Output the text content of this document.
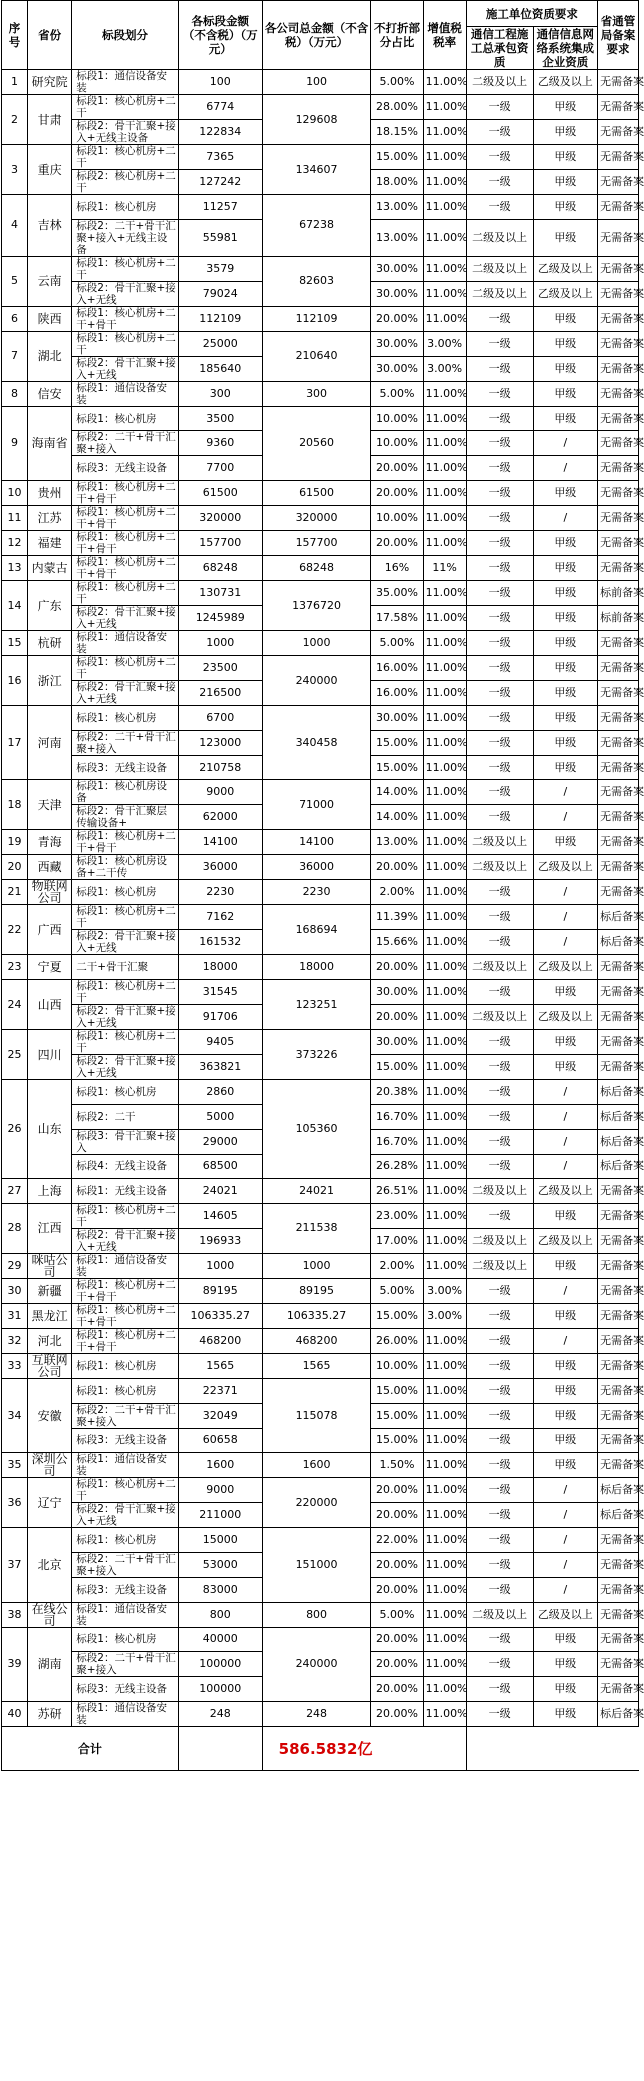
序号	省份	标段划分	各标段金额（不含税）（万元）	各公司总金额（不含税）（万元）	不打折部分占比	增值税税率	施工单位资质要求		省通管局备案要求
							通信工程施工总承包资质	通信信息网络系统集成企业资质	
1	研究院	标段1：通信设备安装	100	100	5.00%	11.00%	二级及以上	乙级及以上	无需备案
2	甘肃	标段1：核心机房+二干	6774	129608	28.00%	11.00%	一级	甲级	无需备案
		标段2：骨干汇聚+接入+无线主设备	122834		18.15%	11.00%	一级	甲级	无需备案
3	重庆	标段1：核心机房+二干	7365	134607	15.00%	11.00%	一级	甲级	无需备案
		标段2：核心机房+二干	127242		18.00%	11.00%	一级	甲级	无需备案
4	吉林	标段1：核心机房	11257	67238	13.00%	11.00%	一级	甲级	无需备案
		标段2：二干+骨干汇聚+接入+无线主设备	55981		13.00%	11.00%	二级及以上	甲级	无需备案
5	云南	标段1：核心机房+二干	3579	82603	30.00%	11.00%	二级及以上	乙级及以上	无需备案
		标段2：骨干汇聚+接入+无线	79024		30.00%	11.00%	二级及以上	乙级及以上	无需备案
6	陕西	标段1：核心机房+二干+骨干	112109	112109	20.00%	11.00%	一级	甲级	无需备案
7	湖北	标段1：核心机房+二干	25000	210640	30.00%	3.00%	一级	甲级	无需备案
		标段2：骨干汇聚+接入+无线	185640		30.00%	3.00%	一级	甲级	无需备案
8	信安	标段1：通信设备安装	300	300	5.00%	11.00%	一级	甲级	无需备案
9	海南省	标段1：核心机房	3500	20560	10.00%	11.00%	一级	甲级	无需备案
		标段2：二干+骨干汇聚+接入	9360		10.00%	11.00%	一级	/	无需备案
		标段3：无线主设备	7700		20.00%	11.00%	一级	/	无需备案
10	贵州	标段1：核心机房+二干+骨干	61500	61500	20.00%	11.00%	一级	甲级	无需备案
11	江苏	标段1：核心机房+二干+骨干	320000	320000	10.00%	11.00%	一级	/	无需备案
12	福建	标段1：核心机房+二干+骨干	157700	157700	20.00%	11.00%	一级	甲级	无需备案
13	内蒙古	标段1：核心机房+二干+骨干	68248	68248	16%	11%	一级	甲级	无需备案
14	广东	标段1：核心机房+二干	130731	1376720	35.00%	11.00%	一级	甲级	标前备案
		标段2：骨干汇聚+接入+无线	1245989		17.58%	11.00%	一级	甲级	标前备案
15	杭研	标段1：通信设备安装	1000	1000	5.00%	11.00%	一级	甲级	无需备案
16	浙江	标段1：核心机房+二干	23500	240000	16.00%	11.00%	一级	甲级	无需备案
		标段2：骨干汇聚+接入+无线	216500		16.00%	11.00%	一级	甲级	无需备案
17	河南	标段1：核心机房	6700	340458	30.00%	11.00%	一级	甲级	无需备案
		标段2：二干+骨干汇聚+接入	123000		15.00%	11.00%	一级	甲级	无需备案
		标段3：无线主设备	210758		15.00%	11.00%	一级	甲级	无需备案
18	天津	标段1：核心机房设备	9000	71000	14.00%	11.00%	一级	/	无需备案
		标段2：骨干汇聚层传输设备+	62000		14.00%	11.00%	一级	/	无需备案
19	青海	标段1：核心机房+二干+骨干	14100	14100	13.00%	11.00%	二级及以上	甲级	无需备案
20	西藏	标段1：核心机房设备+二干传	36000	36000	20.00%	11.00%	二级及以上	乙级及以上	无需备案
21	物联网公司	标段1：核心机房	2230	2230	2.00%	11.00%	一级	/	无需备案
22	广西	标段1：核心机房+二干	7162	168694	11.39%	11.00%	一级	/	标后备案
		标段2：骨干汇聚+接入+无线	161532		15.66%	11.00%	一级	/	标后备案
23	宁夏	二干+骨干汇聚	18000	18000	20.00%	11.00%	二级及以上	乙级及以上	无需备案
24	山西	标段1：核心机房+二干	31545	123251	30.00%	11.00%	一级	甲级	无需备案
		标段2：骨干汇聚+接入+无线	91706		20.00%	11.00%	二级及以上	乙级及以上	无需备案
25	四川	标段1：核心机房+二干	9405	373226	30.00%	11.00%	一级	甲级	无需备案
		标段2：骨干汇聚+接入+无线	363821		15.00%	11.00%	一级	甲级	无需备案
26	山东	标段1：核心机房	2860	105360	20.38%	11.00%	一级	/	标后备案
		标段2：二干	5000		16.70%	11.00%	一级	/	标后备案
		标段3：骨干汇聚+接入	29000		16.70%	11.00%	一级	/	标后备案
		标段4：无线主设备	68500		26.28%	11.00%	一级	/	标后备案
27	上海	标段1：无线主设备	24021	24021	26.51%	11.00%	二级及以上	乙级及以上	无需备案
28	江西	标段1：核心机房+二干	14605	211538	23.00%	11.00%	一级	甲级	无需备案
		标段2：骨干汇聚+接入+无线	196933		17.00%	11.00%	二级及以上	乙级及以上	无需备案
29	咪咕公司	标段1：通信设备安装	1000	1000	2.00%	11.00%	二级及以上	甲级	无需备案
30	新疆	标段1：核心机房+二干+骨干	89195	89195	5.00%	3.00%	一级	/	无需备案
31	黑龙江	标段1：核心机房+二干+骨干	106335.27	106335.27	15.00%	3.00%	一级	甲级	无需备案
32	河北	标段1：核心机房+二干+骨干	468200	468200	26.00%	11.00%	一级	/	无需备案
33	互联网公司	标段1：核心机房	1565	1565	10.00%	11.00%	一级	甲级	无需备案
34	安徽	标段1：核心机房	22371	115078	15.00%	11.00%	一级	甲级	无需备案
		标段2：二干+骨干汇聚+接入	32049		15.00%	11.00%	一级	甲级	无需备案
		标段3：无线主设备	60658		15.00%	11.00%	一级	甲级	无需备案
35	深圳公司	标段1：通信设备安装	1600	1600	1.50%	11.00%	一级	甲级	无需备案
36	辽宁	标段1：核心机房+二干	9000	220000	20.00%	11.00%	一级	/	标后备案
		标段2：骨干汇聚+接入+无线	211000		20.00%	11.00%	一级	/	标后备案
37	北京	标段1：核心机房	15000	151000	22.00%	11.00%	一级	/	无需备案
		标段2：二干+骨干汇聚+接入	53000		20.00%	11.00%	一级	/	无需备案
		标段3：无线主设备	83000		20.00%	11.00%	一级	/	无需备案
38	在线公司	标段1：通信设备安装	800	800	5.00%	11.00%	二级及以上	乙级及以上	无需备案
39	湖南	标段1：核心机房	40000	240000	20.00%	11.00%	一级	甲级	无需备案
		标段2：二干+骨干汇聚+接入	100000		20.00%	11.00%	一级	甲级	无需备案
		标段3：无线主设备	100000		20.00%	11.00%	一级	甲级	无需备案
40	苏研	标段1：通信设备安装	248	248	20.00%	11.00%	一级	甲级	标后备案
合计				586.5832亿					
